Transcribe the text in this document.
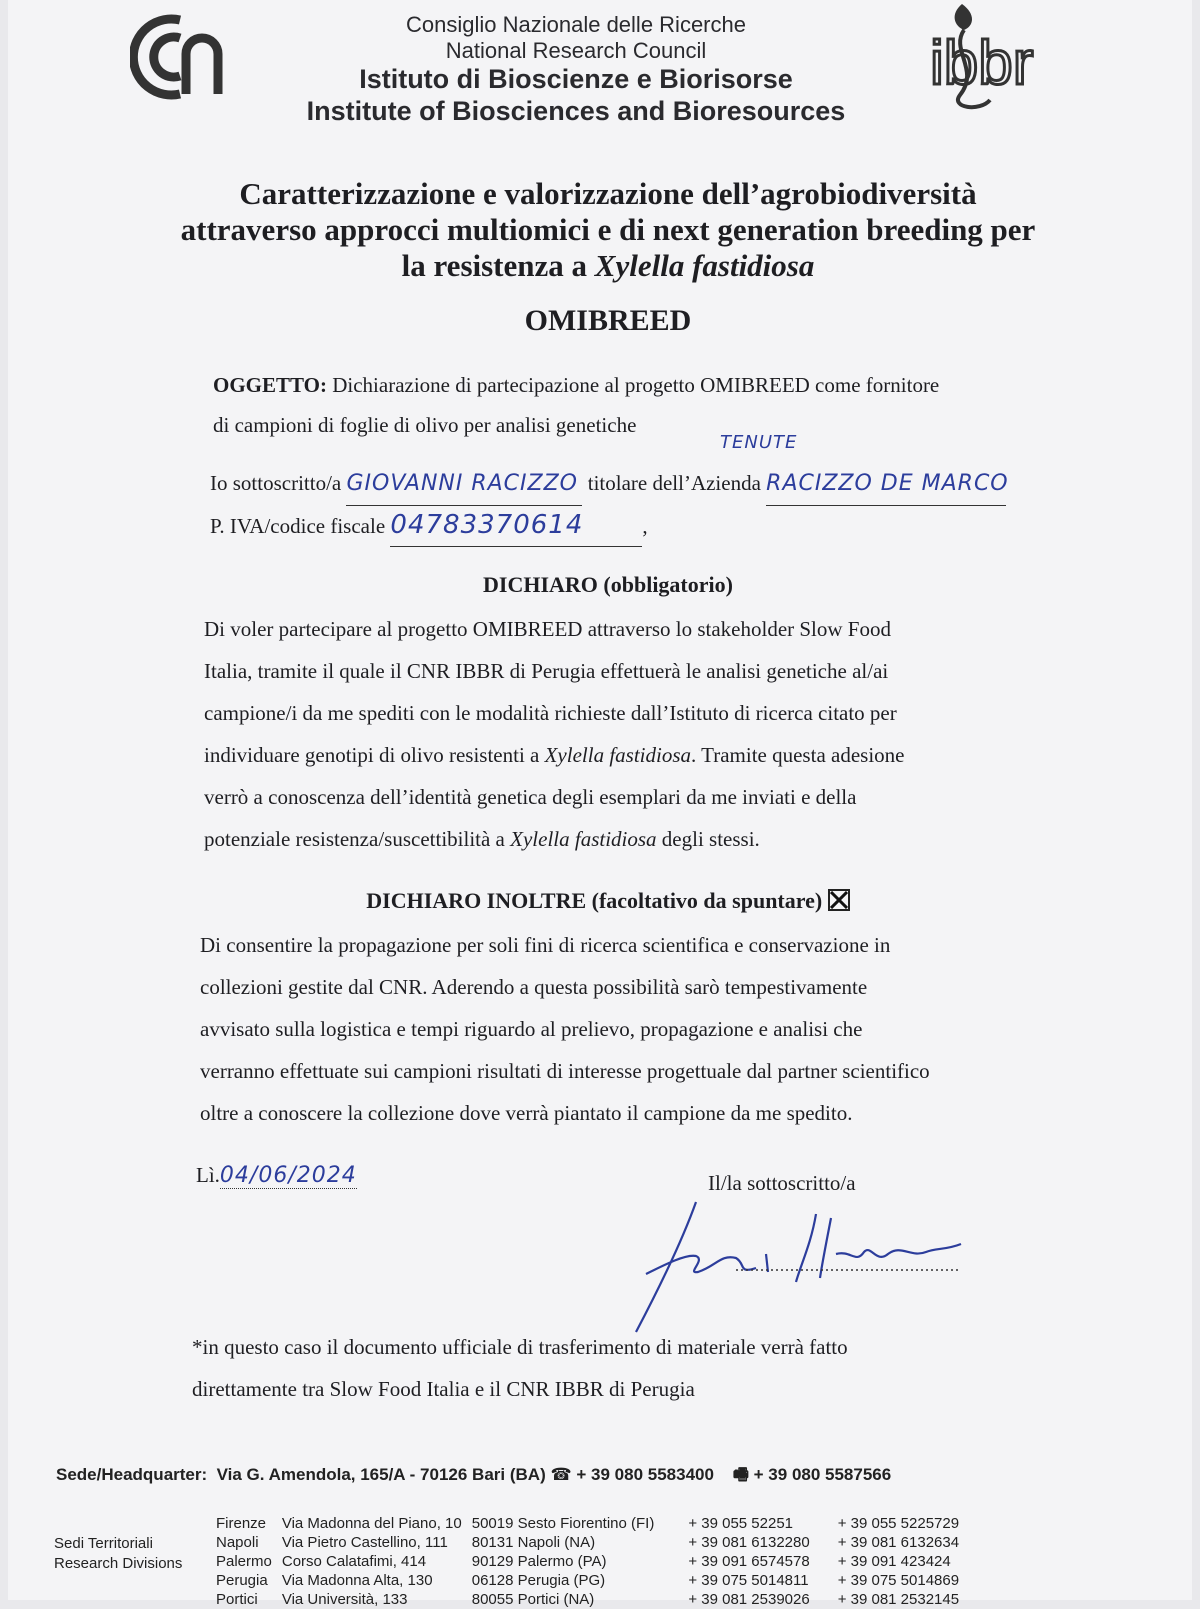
Consiglio Nazionale delle Ricerche
National Research Council
Istituto di Bioscienze e Biorisorse
Institute of Biosciences and Bioresources
ibbr
Caratterizzazione e valorizzazione dell’agrobiodiversità
attraverso approcci multiomici e di next generation breeding per
la resistenza a Xylella fastidiosa
OMIBREED
OGGETTO: Dichiarazione di partecipazione al progetto OMIBREED come fornitore
di campioni di foglie di olivo per analisi genetiche
TENUTE
Io sottoscritto/a GIOVANNI RACIZZO titolare dell’Azienda RACIZZO DE MARCO
P. IVA/codice fiscale 04783370614	,
DICHIARO (obbligatorio)
Di voler partecipare al progetto OMIBREED attraverso lo stakeholder Slow Food
Italia, tramite il quale il CNR IBBR di Perugia effettuerà le analisi genetiche al/ai
campione/i da me spediti con le modalità richieste dall’Istituto di ricerca citato per
individuare genotipi di olivo resistenti a Xylella fastidiosa. Tramite questa adesione
verrò a conoscenza dell’identità genetica degli esemplari da me inviati e della
potenziale resistenza/suscettibilità a Xylella fastidiosa degli stessi.
DICHIARO INOLTRE (facoltativo da spuntare)
Di consentire la propagazione per soli fini di ricerca scientifica e conservazione in
collezioni gestite dal CNR. Aderendo a questa possibilità sarò tempestivamente
avvisato sulla logistica e tempi riguardo al prelievo, propagazione e analisi che
verranno effettuate sui campioni risultati di interesse progettuale dal partner scientifico
oltre a conoscere la collezione dove verrà piantato il campione da me spedito.
Lì.04/06/2024	Il/la sottoscritto/a
*in questo caso il documento ufficiale di trasferimento di materiale verrà fatto
direttamente tra Slow Food Italia e il CNR IBBR di Perugia
Sede/Headquarter: Via G. Amendola, 165/A - 70126 Bari (BA) ☎ + 39 080 5583400 🖷 + 39 080 5587566
Sedi Territoriali
Research Divisions
Firenze	Via Madonna del Piano, 10	50019 Sesto Fiorentino (FI)	+ 39 055 52251	+ 39 055 5225729
Napoli	Via Pietro Castellino, 111	80131 Napoli (NA)	+ 39 081 6132280	+ 39 081 6132634
Palermo	Corso Calatafimi, 414	90129 Palermo (PA)	+ 39 091 6574578	+ 39 091 423424
Perugia	Via Madonna Alta, 130	06128 Perugia (PG)	+ 39 075 5014811	+ 39 075 5014869
Portici	Via Università, 133	80055 Portici (NA)	+ 39 081 2539026	+ 39 081 2532145
